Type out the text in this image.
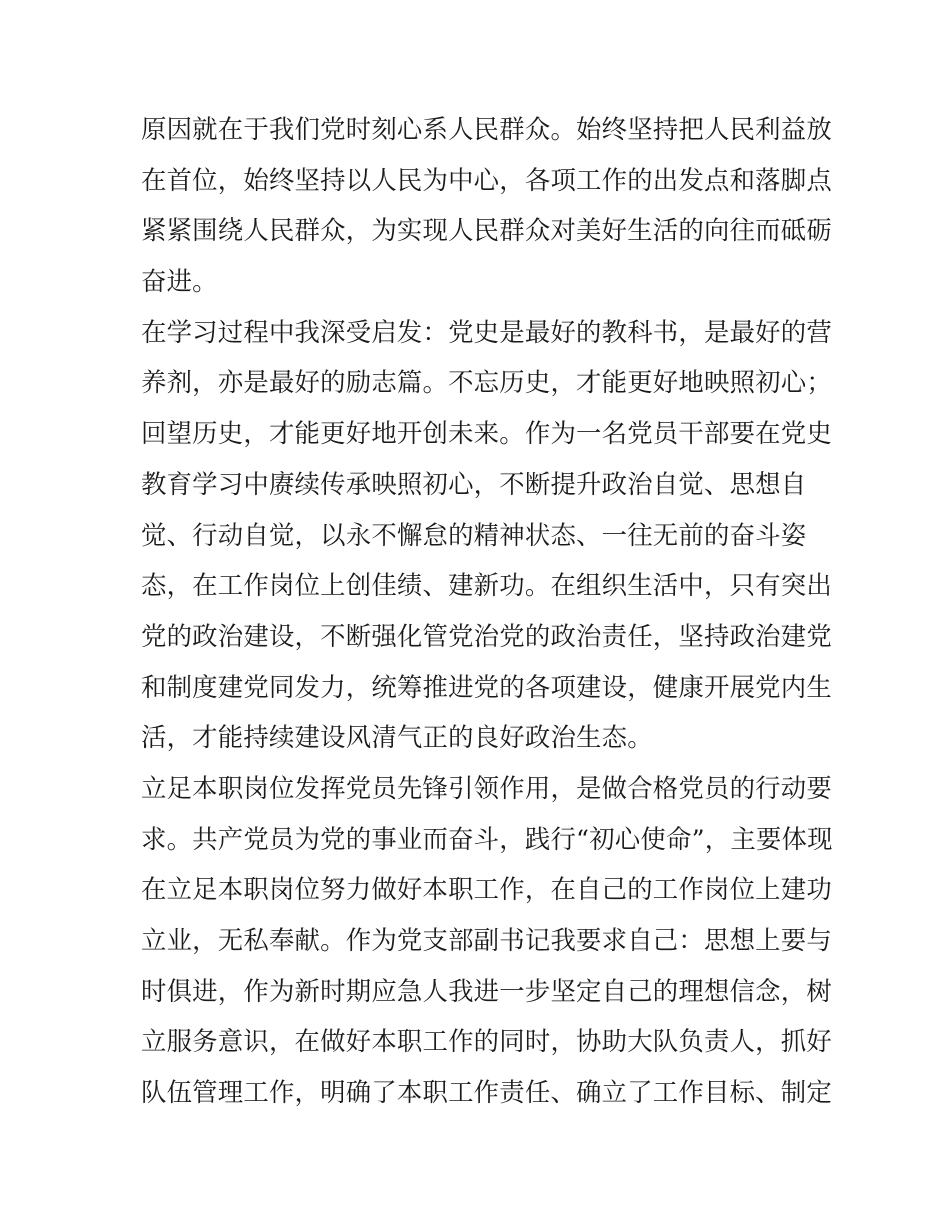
原因就在于我们党时刻心系人民群众。始终坚持把人民利益放
在首位，始终坚持以人民为中心，各项工作的出发点和落脚点
紧紧围绕人民群众，为实现人民群众对美好生活的向往而砥砺
奋进。
在学习过程中我深受启发：党史是最好的教科书，是最好的营
养剂，亦是最好的励志篇。不忘历史，才能更好地映照初心；
回望历史，才能更好地开创未来。作为一名党员干部要在党史
教育学习中赓续传承映照初心，不断提升政治自觉、思想自
觉、行动自觉，以永不懈怠的精神状态、一往无前的奋斗姿
态，在工作岗位上创佳绩、建新功。在组织生活中，只有突出
党的政治建设，不断强化管党治党的政治责任，坚持政治建党
和制度建党同发力，统筹推进党的各项建设，健康开展党内生
活，才能持续建设风清气正的良好政治生态。
立足本职岗位发挥党员先锋引领作用，是做合格党员的行动要
求。共产党员为党的事业而奋斗，践行“初心使命”，主要体现
在立足本职岗位努力做好本职工作，在自己的工作岗位上建功
立业，无私奉献。作为党支部副书记我要求自己：思想上要与
时俱进，作为新时期应急人我进一步坚定自己的理想信念，树
立服务意识，在做好本职工作的同时，协助大队负责人，抓好
队伍管理工作，明确了本职工作责任、确立了工作目标、制定
